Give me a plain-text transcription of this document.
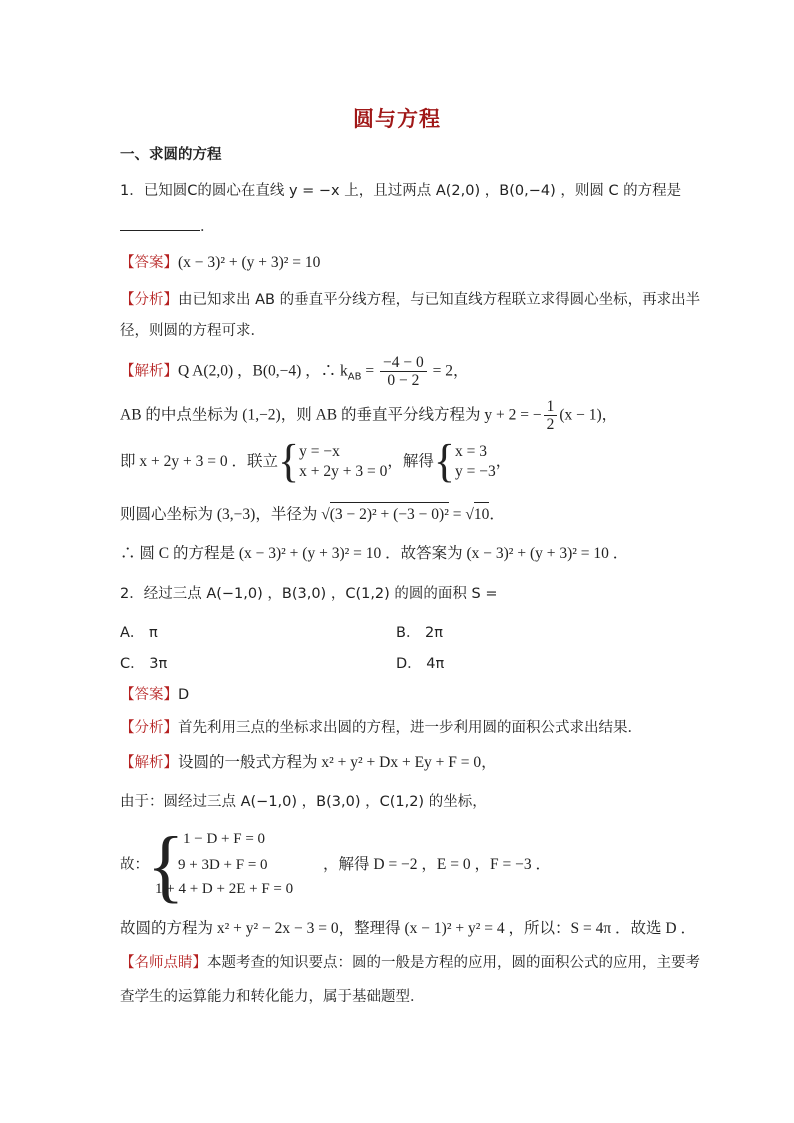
圆与方程
一、求圆的方程
1．已知圆C的圆心在直线 y = −x 上，且过两点 A(2,0) ，B(0,−4) ，则圆 C 的方程是
．
【答案】(x − 3)² + (y + 3)² = 10
【分析】由已知求出 AB 的垂直平分线方程，与已知直线方程联立求得圆心坐标，再求出半
径，则圆的方程可求．
【解析】Q A(2,0) ，B(0,−4) ，∴ $k_{AB} = \frac{-4 - 0}{0 - 2} = 2$，
AB 的中点坐标为 (1,−2)，则 AB 的垂直平分线方程为 y + 2 = − $\frac{1}{2} (x - 1)$，
即 x + 2y + 3 = 0 ．联立{ y = −x
x + 2y + 3 = 0
，解得{ x = 3
y = −3
，
则圆心坐标为 (3,−3)，半径为 √(3 − 2)² + (−3 − 0)² = √10．
∴ 圆 C 的方程是 (x − 3)² + (y + 3)² = 10 ．故答案为 (x − 3)² + (y + 3)² = 10 ．
2．经过三点 A(−1,0) ，B(3,0) ，C(1,2) 的圆的面积 S =
A． π	B． 2π
C． 3π	D． 4π
【答案】D
【分析】首先利用三点的坐标求出圆的方程，进一步利用圆的面积公式求出结果．
【解析】设圆的一般式方程为 x² + y² + Dx + Ey + F = 0，
由于：圆经过三点 A(−1,0) ，B(3,0) ，C(1,2) 的坐标，
故：
{
1 − D + F = 0
9 + 3D + F = 0
1 + 4 + D + 2E + F = 0
，解得 D = −2 ，E = 0 ，F = −3 ．
故圆的方程为 x² + y² − 2x − 3 = 0，整理得 (x − 1)² + y² = 4 ，所以：S = 4π ．故选 D ．
【名师点睛】本题考查的知识要点：圆的一般是方程的应用，圆的面积公式的应用，主要考
查学生的运算能力和转化能力，属于基础题型．
